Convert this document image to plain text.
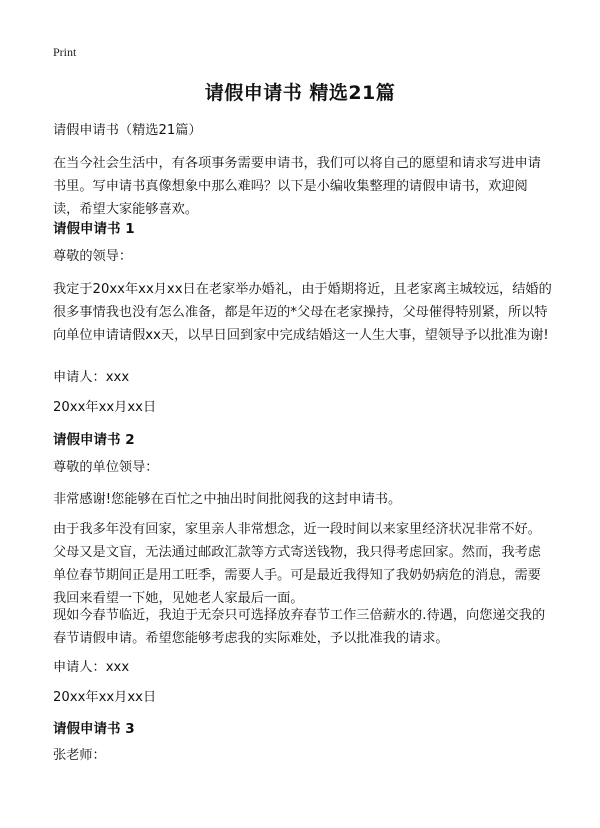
Print
请假申请书 精选21篇
请假申请书（精选21篇）
在当今社会生活中，有各项事务需要申请书，我们可以将自己的愿望和请求写进申请书里。写申请书真像想象中那么难吗？以下是小编收集整理的请假申请书，欢迎阅读，希望大家能够喜欢。
请假申请书 1
尊敬的领导：
我定于20xx年xx月xx日在老家举办婚礼，由于婚期将近，且老家离主城较远，结婚的很多事情我也没有怎么准备，都是年迈的*父母在老家操持，父母催得特别紧，所以特向单位申请请假xx天，以早日回到家中完成结婚这一人生大事，望领导予以批准为谢!
申请人：xxx
20xx年xx月xx日
请假申请书 2
尊敬的单位领导：
非常感谢!您能够在百忙之中抽出时间批阅我的这封申请书。
由于我多年没有回家，家里亲人非常想念，近一段时间以来家里经济状况非常不好。父母又是文盲，无法通过邮政汇款等方式寄送钱物，我只得考虑回家。然而，我考虑单位春节期间正是用工旺季，需要人手。可是最近我得知了我奶奶病危的消息，需要我回来看望一下她，见她老人家最后一面。
现如今春节临近，我迫于无奈只可选择放弃春节工作三倍薪水的.待遇，向您递交我的春节请假申请。希望您能够考虑我的实际难处，予以批准我的请求。
申请人：xxx
20xx年xx月xx日
请假申请书 3
张老师：
